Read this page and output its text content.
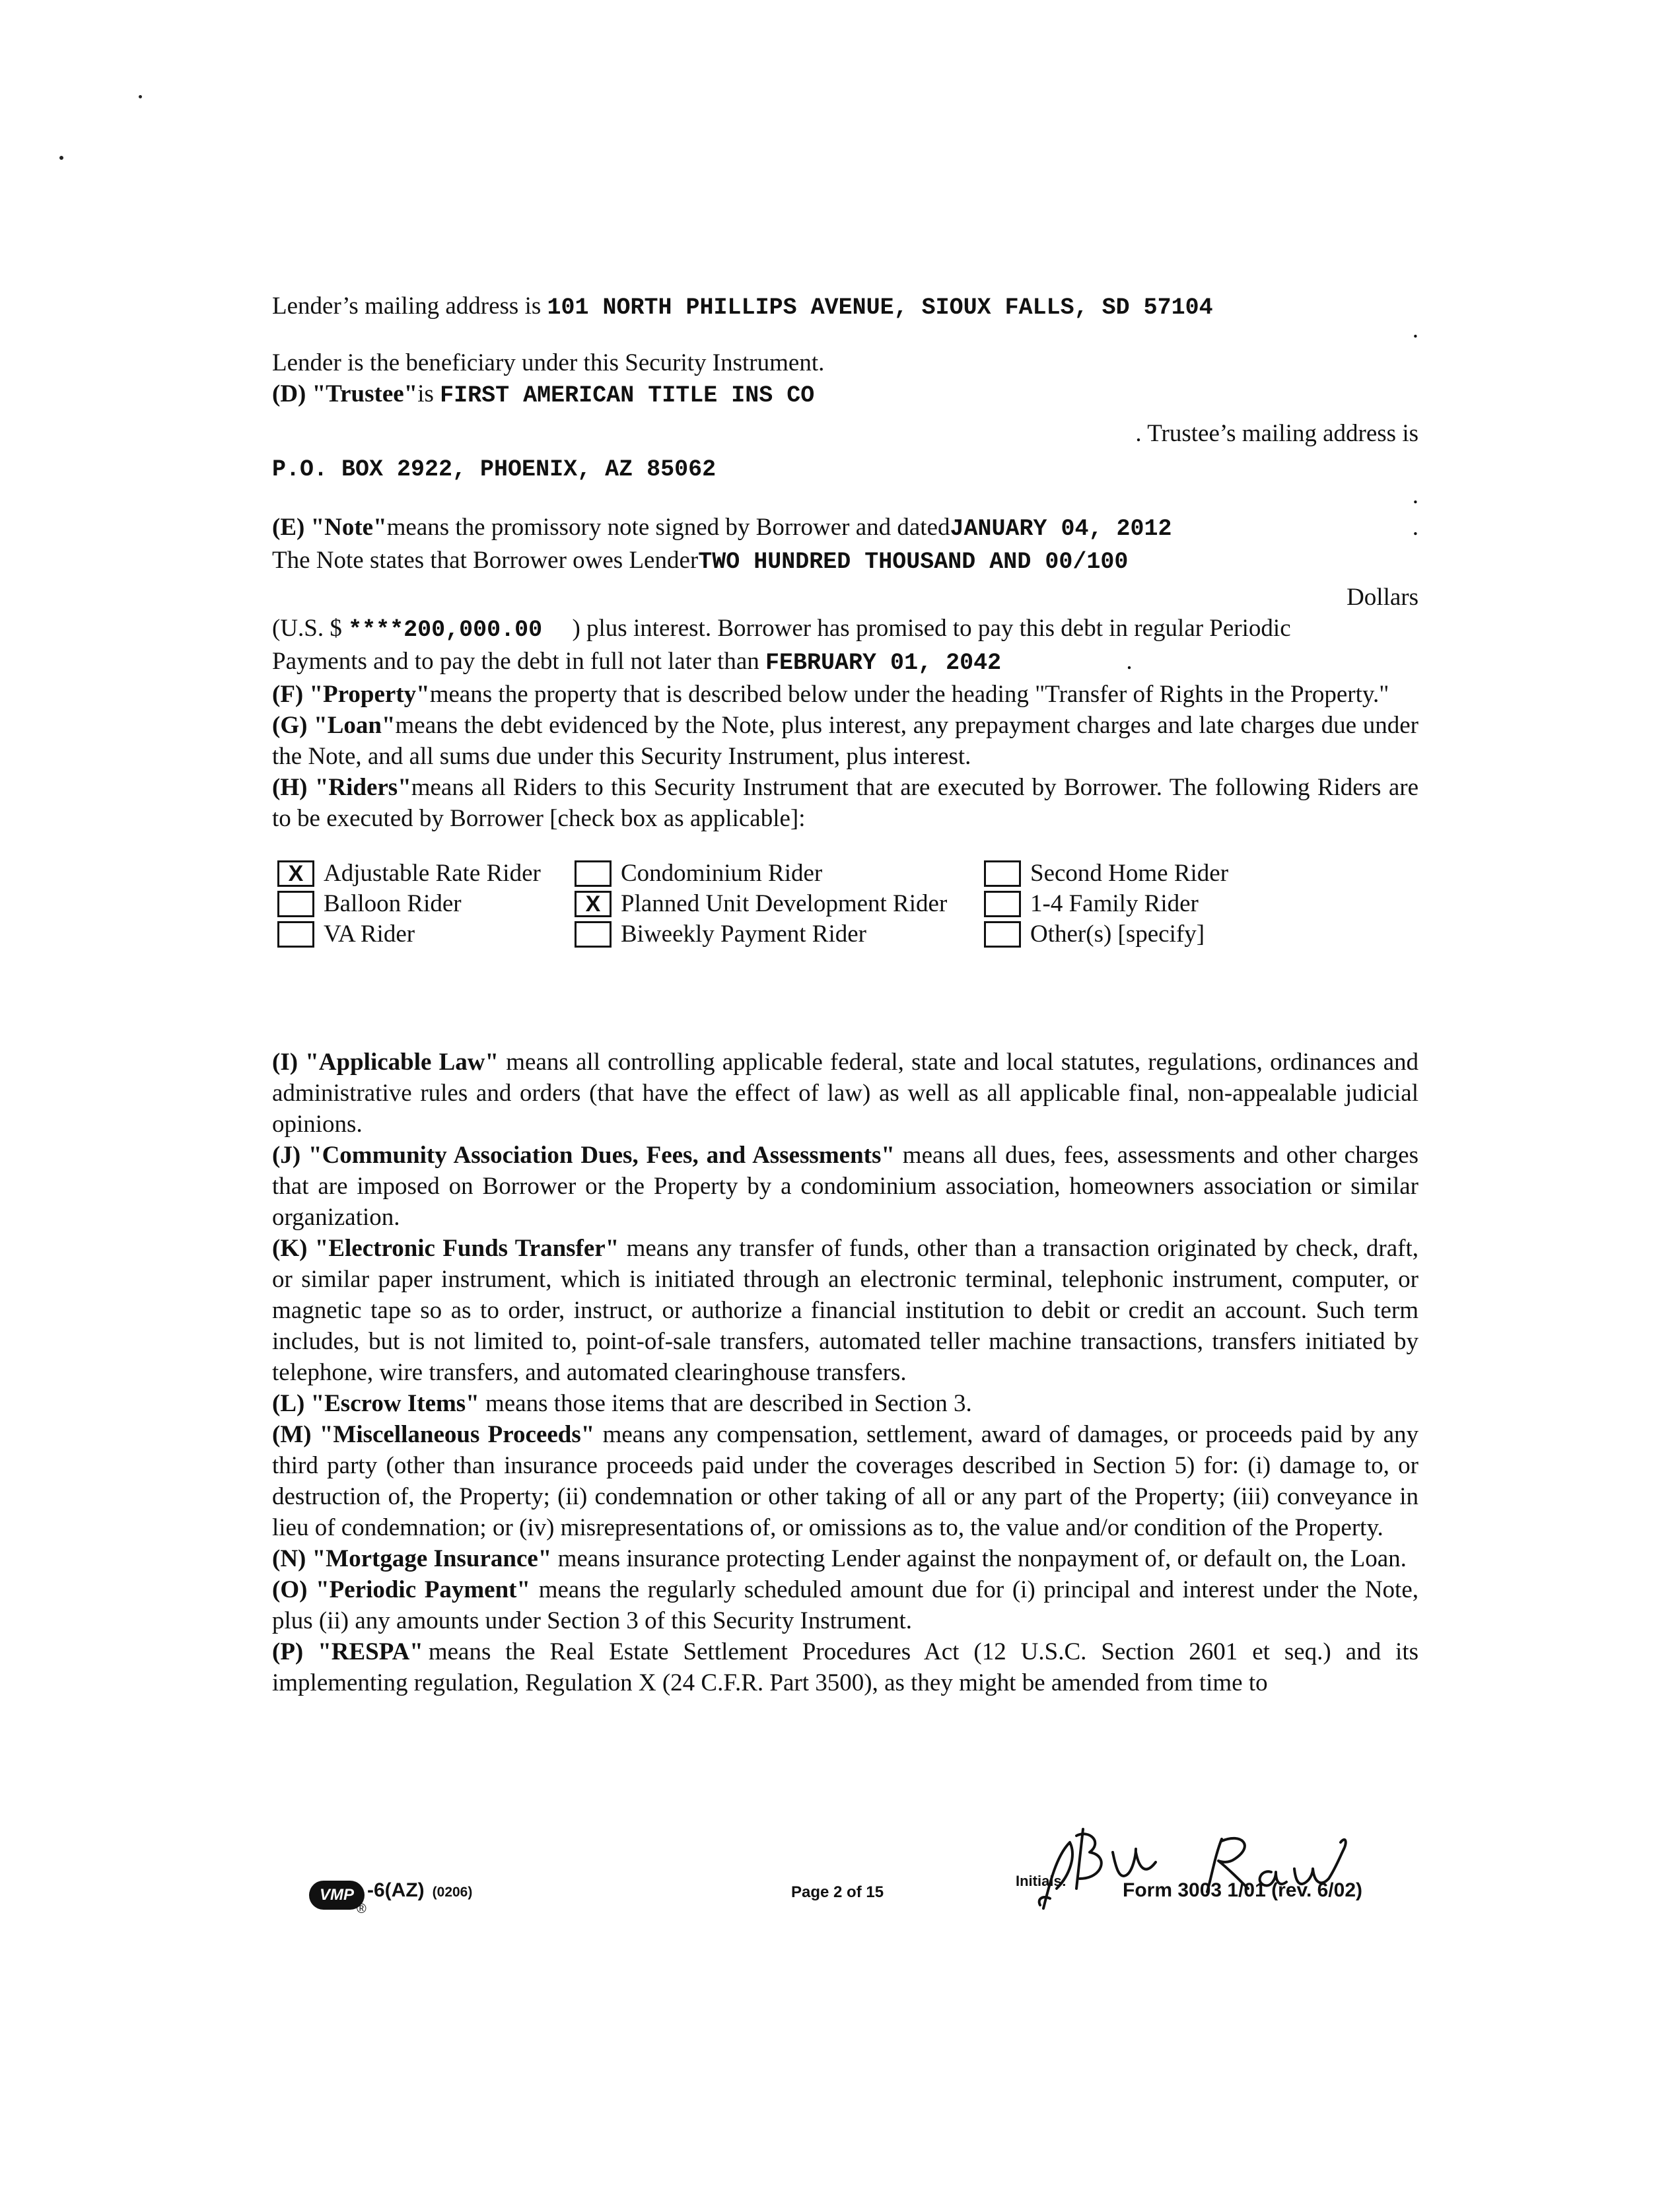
Lender’s mailing address is 101 NORTH PHILLIPS AVENUE, SIOUX FALLS, SD 57104
.
Lender is the beneficiary under this Security Instrument.
(D) "Trustee"is FIRST AMERICAN TITLE INS CO
. Trustee’s mailing address is
P.O. BOX 2922, PHOENIX, AZ 85062
.
(E) "Note"means the promissory note signed by Borrower and datedJANUARY 04, 2012	.
The Note states that Borrower owes LenderTWO HUNDRED THOUSAND AND 00/100
Dollars
(U.S. $ ****200,000.00 ) plus interest. Borrower has promised to pay this debt in regular Periodic
Payments and to pay the debt in full not later than FEBRUARY 01, 2042	.

(F) "Property"means the property that is described below under the heading "Transfer of Rights in the Property."

(G) "Loan"means the debt evidenced by the Note, plus interest, any prepayment charges and late charges due under the Note, and all sums due under this Security Instrument, plus interest.

(H) "Riders"means all Riders to this Security Instrument that are executed by Borrower. The following Riders are to be executed by Borrower [check box as applicable]:

X Adjustable Rate Rider
Balloon Rider
VA Rider
Condominium Rider
X Planned Unit Development Rider
Biweekly Payment Rider
Second Home Rider
1-4 Family Rider
Other(s) [specify]

(I) "Applicable Law" means all controlling applicable federal, state and local statutes, regulations, ordinances and administrative rules and orders (that have the effect of law) as well as all applicable final, non-appealable judicial opinions.

(J) "Community Association Dues, Fees, and Assessments" means all dues, fees, assessments and other charges that are imposed on Borrower or the Property by a condominium association, homeowners association or similar organization.

(K) "Electronic Funds Transfer" means any transfer of funds, other than a transaction originated by check, draft, or similar paper instrument, which is initiated through an electronic terminal, telephonic instrument, computer, or magnetic tape so as to order, instruct, or authorize a financial institution to debit or credit an account. Such term includes, but is not limited to, point-of-sale transfers, automated teller machine transactions, transfers initiated by telephone, wire transfers, and automated clearinghouse transfers.

(L) "Escrow Items" means those items that are described in Section 3.

(M) "Miscellaneous Proceeds" means any compensation, settlement, award of damages, or proceeds paid by any third party (other than insurance proceeds paid under the coverages described in Section 5) for: (i) damage to, or destruction of, the Property; (ii) condemnation or other taking of all or any part of the Property; (iii) conveyance in lieu of condemnation; or (iv) misrepresentations of, or omissions as to, the value and/or condition of the Property.

(N) "Mortgage Insurance" means insurance protecting Lender against the nonpayment of, or default on, the Loan.

(O) "Periodic Payment" means the regularly scheduled amount due for (i) principal and interest under the Note, plus (ii) any amounts under Section 3 of this Security Instrument.

(P) "RESPA" means the Real Estate Settlement Procedures Act (12 U.S.C. Section 2601 et seq.) and its implementing regulation, Regulation X (24 C.F.R. Part 3500), as they might be amended from time to

VMP
®
-6(AZ) (0206)	Page 2 of 15
Initials:	Form 3003 1/01 (rev. 6/02)
